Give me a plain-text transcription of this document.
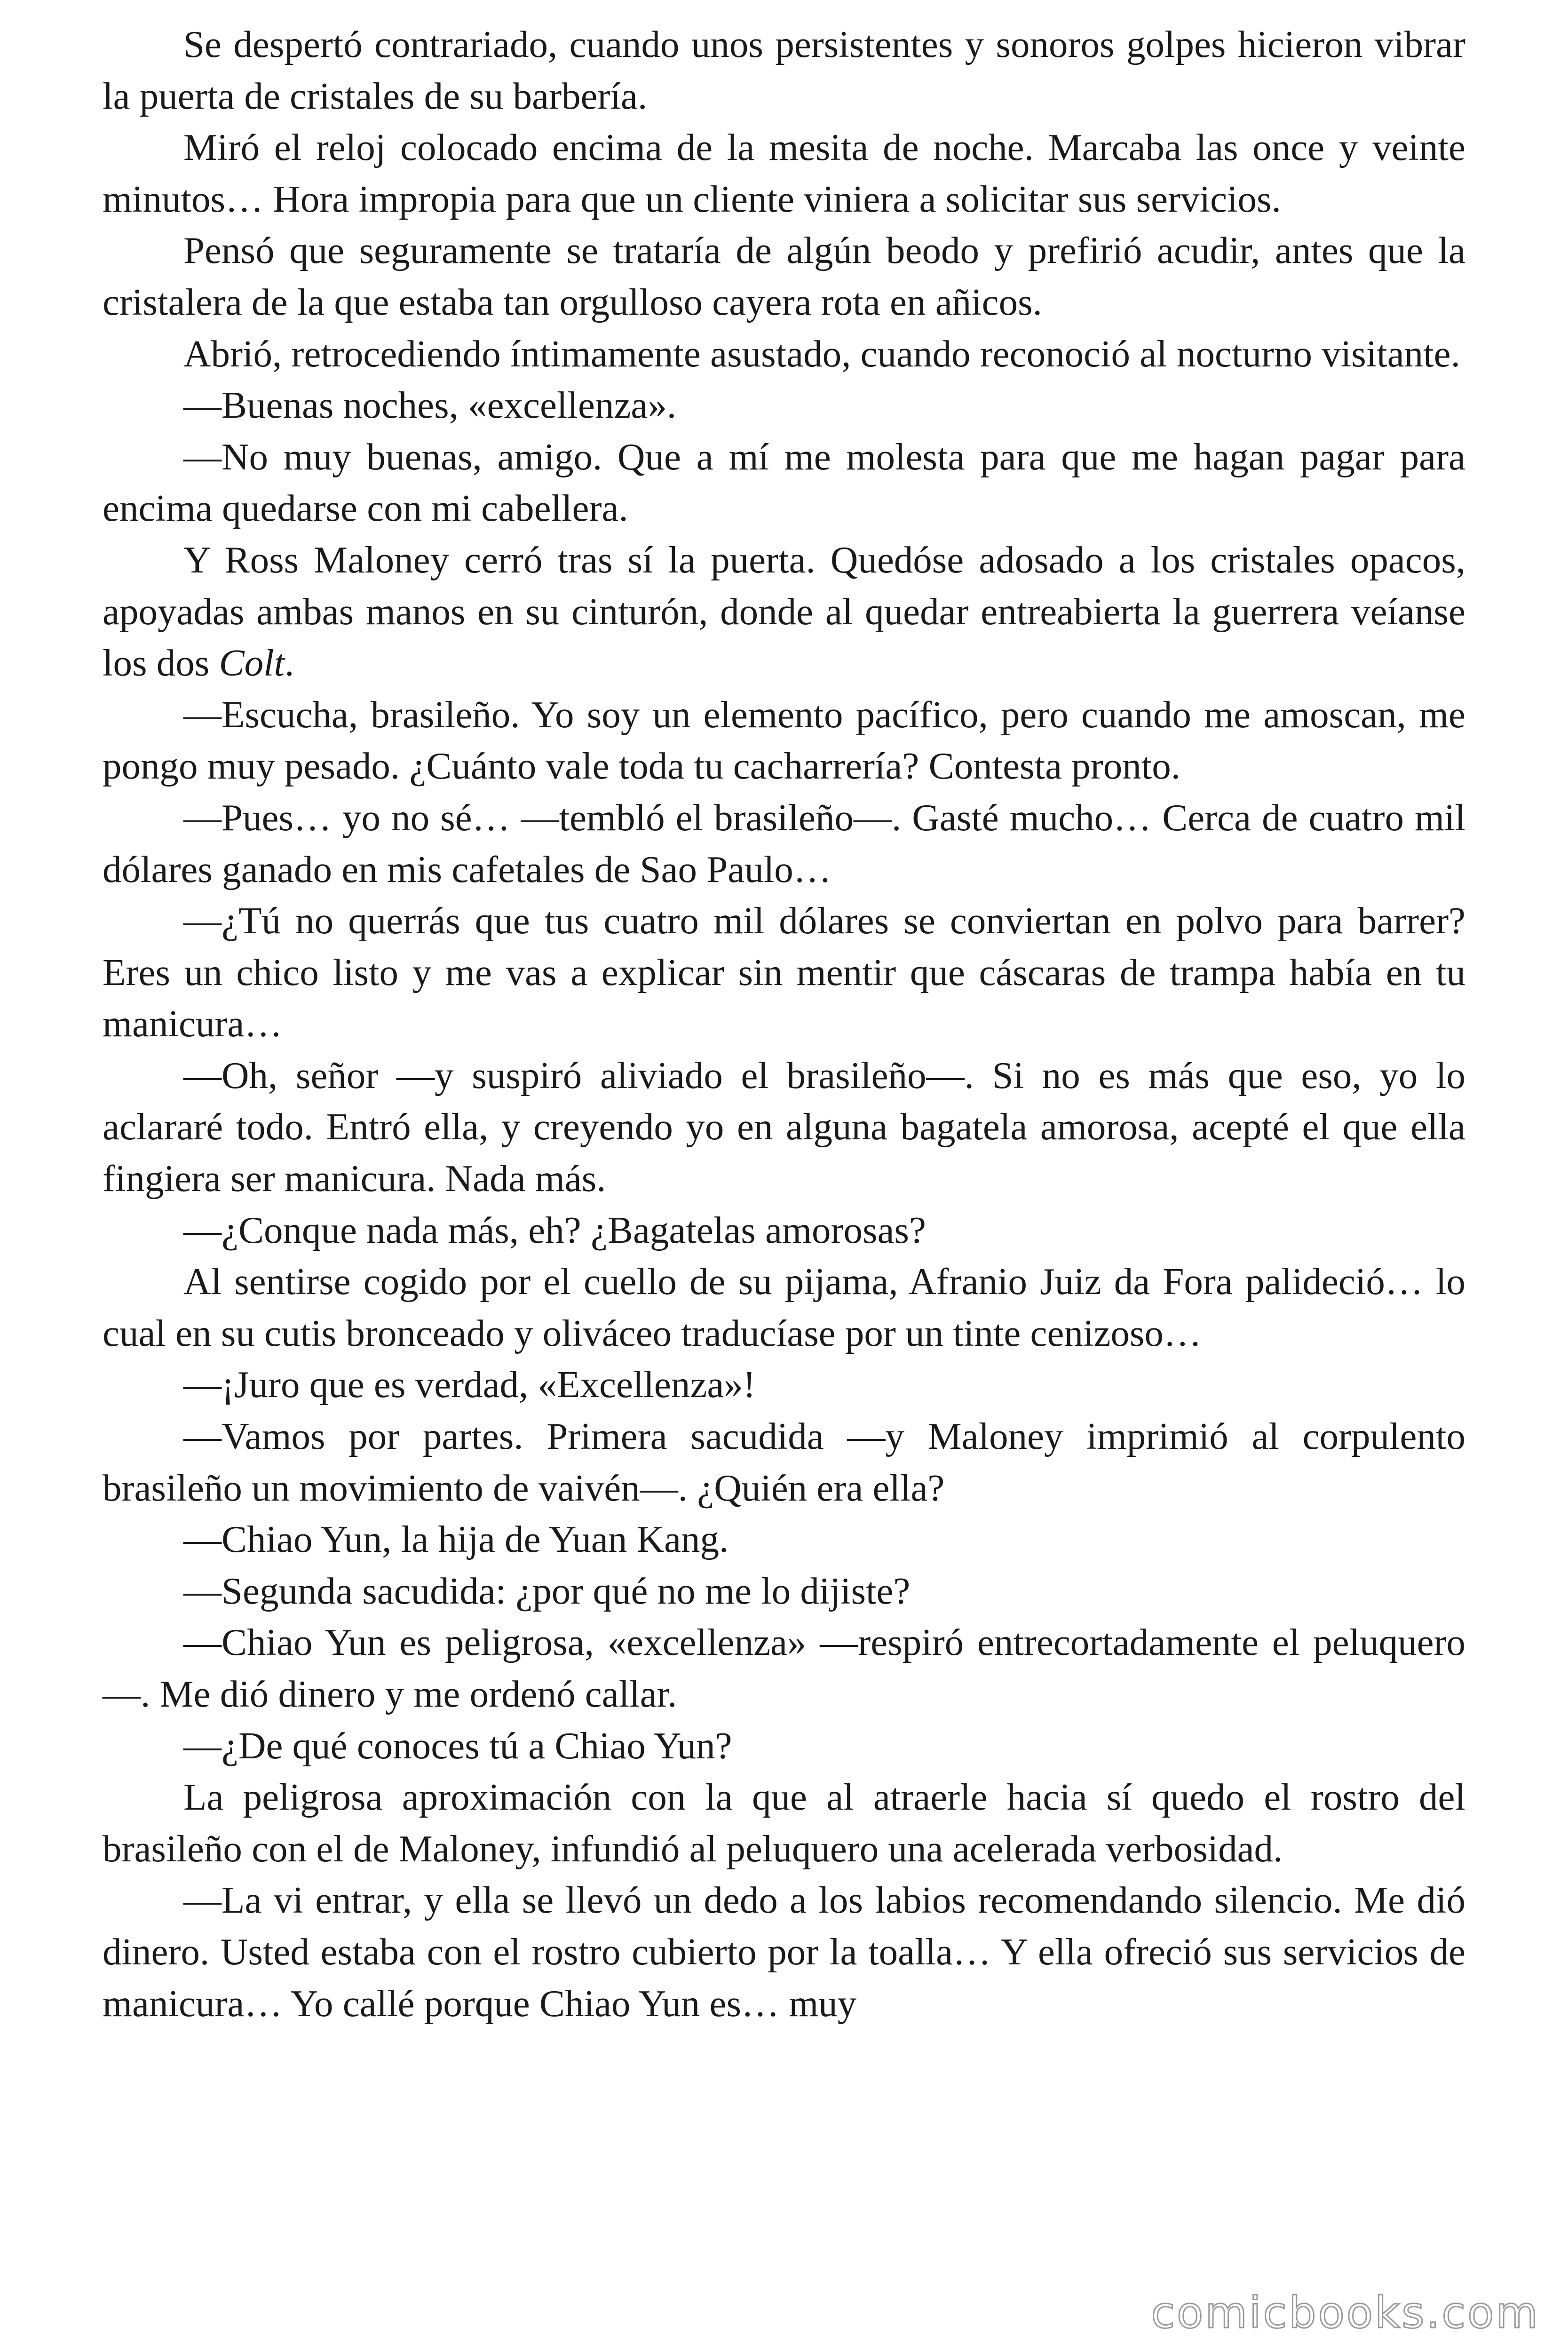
Se despertó contrariado, cuando unos persistentes y sonoros golpes hicieron vibrar la puerta de cristales de su barbería.

Miró el reloj colocado encima de la mesita de noche. Marcaba las once y veinte minutos… Hora impropia para que un cliente viniera a solicitar sus servicios.

Pensó que seguramente se trataría de algún beodo y prefirió acudir, antes que la cristalera de la que estaba tan orgulloso cayera rota en añicos.

Abrió, retrocediendo íntimamente asustado, cuando reconoció al nocturno visitante.

—Buenas noches, «excellenza».

—No muy buenas, amigo. Que a mí me molesta para que me hagan pagar para encima quedarse con mi cabellera.

Y Ross Maloney cerró tras sí la puerta. Quedóse adosado a los cristales opacos, apoyadas ambas manos en su cinturón, donde al quedar entreabierta la guerrera veíanse los dos Colt.

—Escucha, brasileño. Yo soy un elemento pacífico, pero cuando me amoscan, me pongo muy pesado. ¿Cuánto vale toda tu cacharrería? Contesta pronto.

—Pues… yo no sé… —tembló el brasileño—. Gasté mucho… Cerca de cuatro mil dólares ganado en mis cafetales de Sao Paulo…

—¿Tú no querrás que tus cuatro mil dólares se conviertan en polvo para barrer? Eres un chico listo y me vas a explicar sin mentir que cáscaras de trampa había en tu manicura…

—Oh, señor —y suspiró aliviado el brasileño—. Si no es más que eso, yo lo aclararé todo. Entró ella, y creyendo yo en alguna bagatela amorosa, acepté el que ella fingiera ser manicura. Nada más.

—¿Conque nada más, eh? ¿Bagatelas amorosas?

Al sentirse cogido por el cuello de su pijama, Afranio Juiz da Fora palideció… lo cual en su cutis bronceado y oliváceo traducíase por un tinte cenizoso…

—¡Juro que es verdad, «Excellenza»!

—Vamos por partes. Primera sacudida —y Maloney imprimió al corpulento brasileño un movimiento de vaivén—. ¿Quién era ella?

—Chiao Yun, la hija de Yuan Kang.

—Segunda sacudida: ¿por qué no me lo dijiste?

—Chiao Yun es peligrosa, «excellenza» —respiró entrecortadamente el peluquero—. Me dió dinero y me ordenó callar.

—¿De qué conoces tú a Chiao Yun?

La peligrosa aproximación con la que al atraerle hacia sí quedo el rostro del brasileño con el de Maloney, infundió al peluquero una acelerada verbosidad.

—La vi entrar, y ella se llevó un dedo a los labios recomendando silencio. Me dió dinero. Usted estaba con el rostro cubierto por la toalla… Y ella ofreció sus servicios de manicura… Yo callé porque Chiao Yun es… muy

comicbooks.com
